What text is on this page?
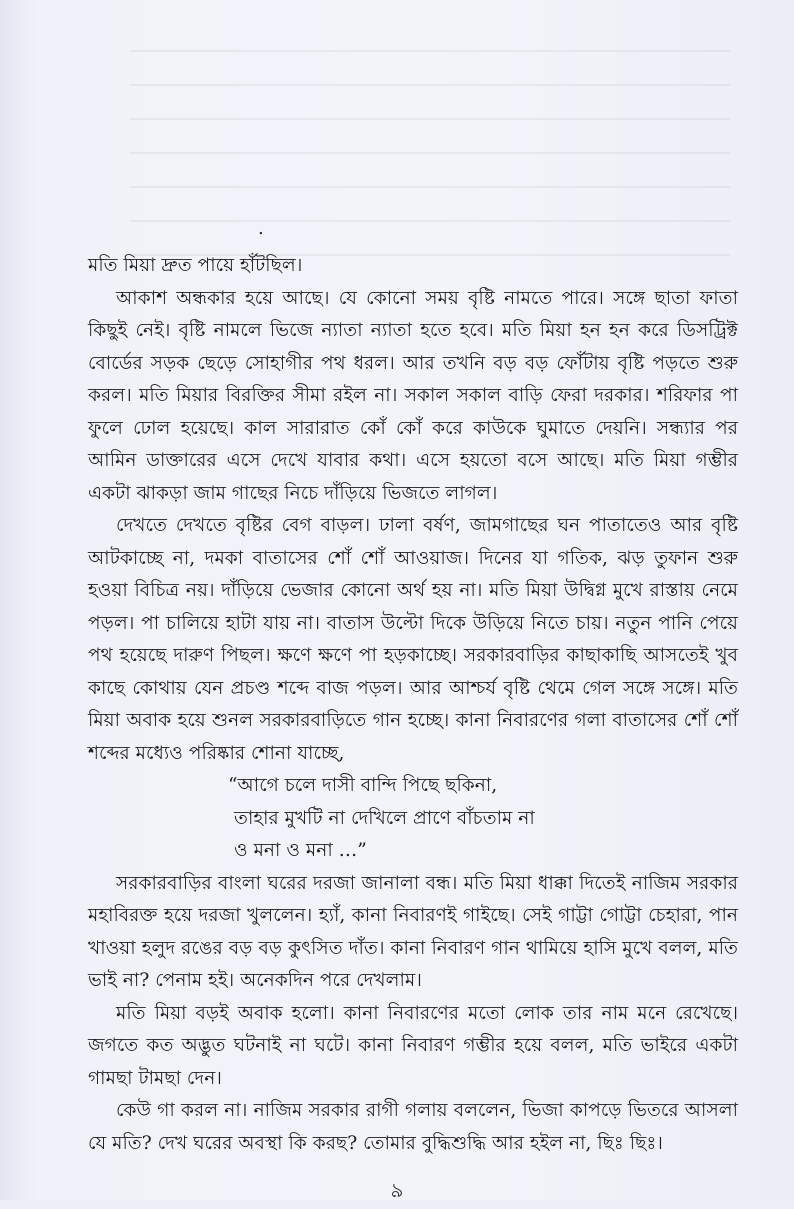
.

মতি মিয়া দ্রুত পায়ে হাঁটছিল।

আকাশ অন্ধকার হয়ে আছে। যে কোনো সময় বৃষ্টি নামতে পারে। সঙ্গে ছাতা ফাতা কিছুই নেই। বৃষ্টি নামলে ভিজে ন্যাতা ন্যাতা হতে হবে। মতি মিয়া হন হন করে ডিসট্রিক্ট বোর্ডের সড়ক ছেড়ে সোহাগীর পথ ধরল। আর তখনি বড় বড় ফোঁটায় বৃষ্টি পড়তে শুরু করল। মতি মিয়ার বিরক্তির সীমা রইল না। সকাল সকাল বাড়ি ফেরা দরকার। শরিফার পা ফুলে ঢোল হয়েছে। কাল সারারাত কোঁ কোঁ করে কাউকে ঘুমাতে দেয়নি। সন্ধ্যার পর আমিন ডাক্তারের এসে দেখে যাবার কথা। এসে হয়তো বসে আছে। মতি মিয়া গম্ভীর একটা ঝাকড়া জাম গাছের নিচে দাঁড়িয়ে ভিজতে লাগল।

দেখতে দেখতে বৃষ্টির বেগ বাড়ল। ঢালা বর্ষণ, জামগাছের ঘন পাতাতেও আর বৃষ্টি আটকাচ্ছে না, দমকা বাতাসের শোঁ শোঁ আওয়াজ। দিনের যা গতিক, ঝড় তুফান শুরু হওয়া বিচিত্র নয়। দাঁড়িয়ে ভেজার কোনো অর্থ হয় না। মতি মিয়া উদ্বিগ্ন মুখে রাস্তায় নেমে পড়ল। পা চালিয়ে হাটা যায় না। বাতাস উল্টো দিকে উড়িয়ে নিতে চায়। নতুন পানি পেয়ে পথ হয়েছে দারুণ পিছল। ক্ষণে ক্ষণে পা হড়কাচ্ছে। সরকারবাড়ির কাছাকাছি আসতেই খুব কাছে কোথায় যেন প্রচণ্ড শব্দে বাজ পড়ল। আর আশ্চর্য বৃষ্টি থেমে গেল সঙ্গে সঙ্গে। মতি মিয়া অবাক হয়ে শুনল সরকারবাড়িতে গান হচ্ছে। কানা নিবারণের গলা বাতাসের শোঁ শোঁ শব্দের মধ্যেও পরিষ্কার শোনা যাচ্ছে,

“আগে চলে দাসী বান্দি পিছে ছকিনা,
তাহার মুখটি না দেখিলে প্রাণে বাঁচতাম না
ও মনা ও মনা …”

সরকারবাড়ির বাংলা ঘরের দরজা জানালা বন্ধ। মতি মিয়া ধাক্কা দিতেই নাজিম সরকার মহাবিরক্ত হয়ে দরজা খুললেন। হ্যাঁ, কানা নিবারণই গাইছে। সেই গাট্টা গোট্টা চেহারা, পান খাওয়া হলুদ রঙের বড় বড় কুৎসিত দাঁত। কানা নিবারণ গান থামিয়ে হাসি মুখে বলল, মতি ভাই না? পেনাম হই। অনেকদিন পরে দেখলাম।

মতি মিয়া বড়ই অবাক হলো। কানা নিবারণের মতো লোক তার নাম মনে রেখেছে। জগতে কত অদ্ভুত ঘটনাই না ঘটে। কানা নিবারণ গম্ভীর হয়ে বলল, মতি ভাইরে একটা গামছা টামছা দেন।

কেউ গা করল না। নাজিম সরকার রাগী গলায় বললেন, ভিজা কাপড়ে ভিতরে আসলা যে মতি? দেখ ঘরের অবস্থা কি করছ? তোমার বুদ্ধিশুদ্ধি আর হইল না, ছিঃ ছিঃ।

৯
